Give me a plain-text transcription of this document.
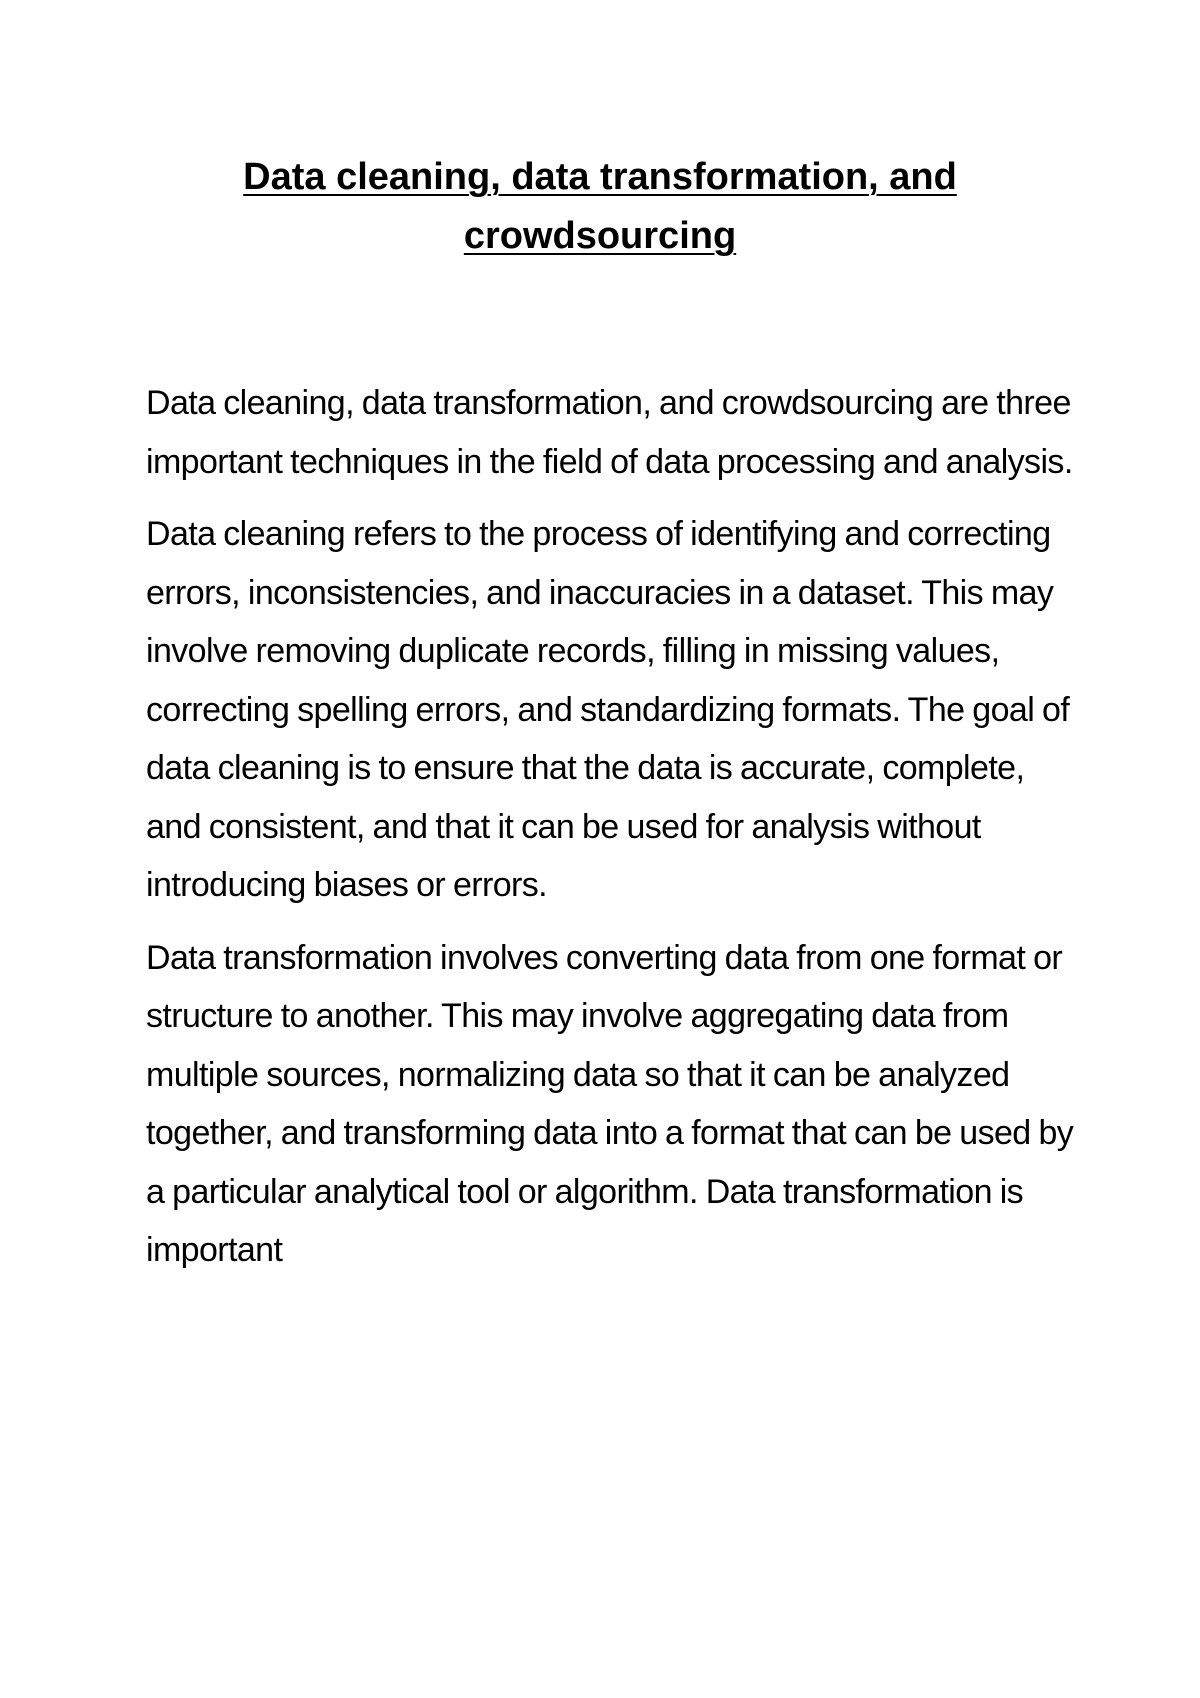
Data cleaning, data transformation, and crowdsourcing

Data cleaning, data transformation, and crowdsourcing are three important techniques in the field of data processing and analysis.

Data cleaning refers to the process of identifying and correcting errors, inconsistencies, and inaccuracies in a dataset. This may involve removing duplicate records, filling in missing values, correcting spelling errors, and standardizing formats. The goal of data cleaning is to ensure that the data is accurate, complete, and consistent, and that it can be used for analysis without introducing biases or errors.

Data transformation involves converting data from one format or structure to another. This may involve aggregating data from multiple sources, normalizing data so that it can be analyzed together, and transforming data into a format that can be used by a particular analytical tool or algorithm. Data transformation is important
